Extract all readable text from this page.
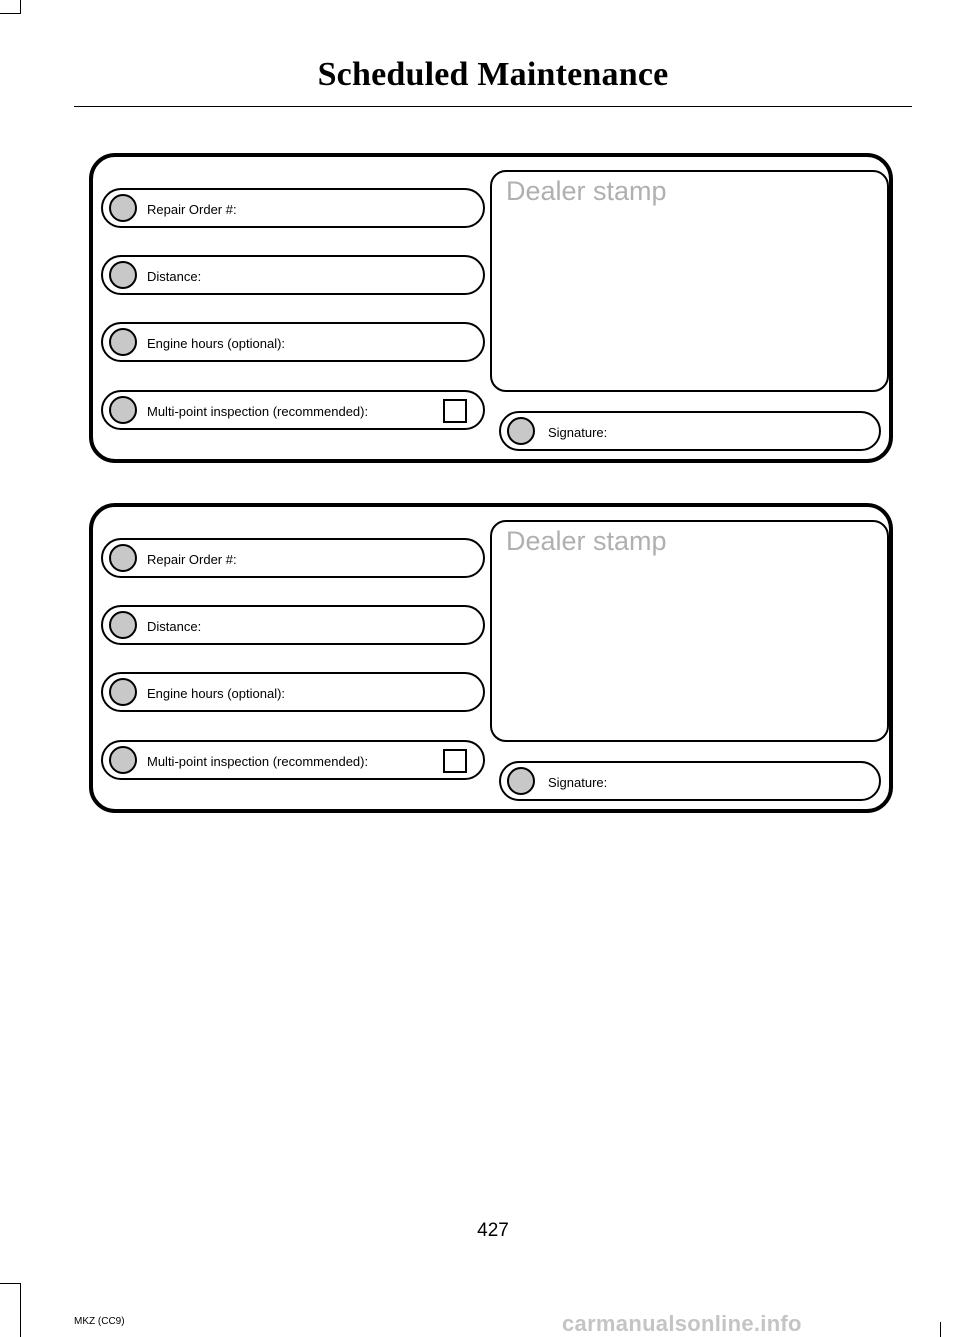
Scheduled Maintenance
Repair Order #:
Distance:
Engine hours (optional):
Multi-point inspection (recommended):
Dealer stamp
Signature:
Repair Order #:
Distance:
Engine hours (optional):
Multi-point inspection (recommended):
Dealer stamp
Signature:
427
MKZ (CC9)	carmanualsonline.info
